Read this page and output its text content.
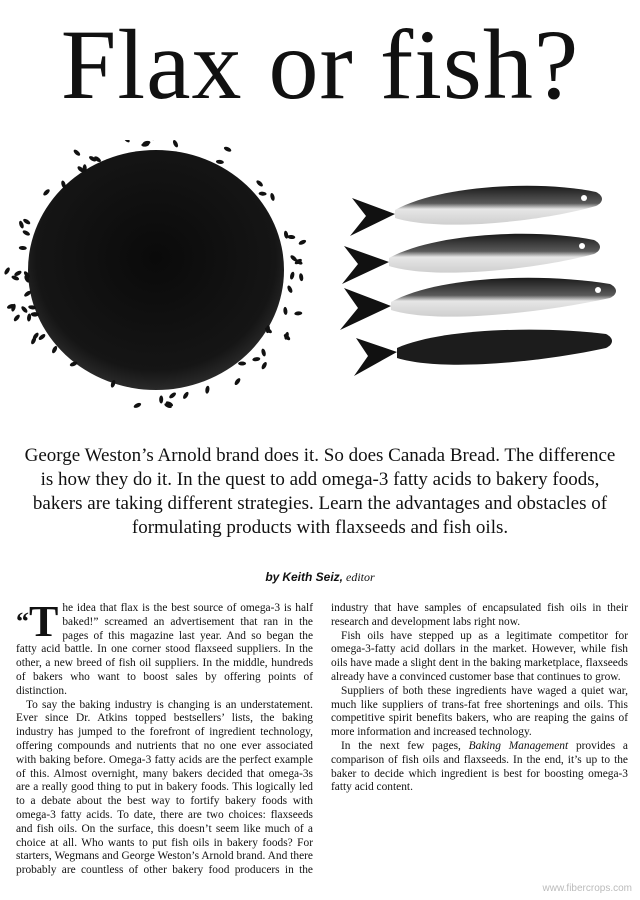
Flax or fish?

George Weston’s Arnold brand does it. So does Canada Bread. The difference is how they do it. In the quest to add omega-3 fatty acids to bakery foods, bakers are taking different strategies. Learn the advantages and obstacles of formulating products with flaxseeds and fish oils.

by Keith Seiz, editor

“T he idea that flax is the best source of omega-3 is half baked!” screamed an advertisement that ran in the pages of this magazine last year. And so began the fatty acid battle. In one corner stood flaxseed suppliers. In the other, a new breed of fish oil suppliers. In the middle, hundreds of bakers who want to boost sales by offering points of distinction.

To say the baking industry is changing is an understatement. Ever since Dr. Atkins topped bestsellers’ lists, the baking industry has jumped to the forefront of ingredient technology, offering compounds and nutrients that no one ever associated with baking before. Omega-3 fatty acids are the perfect example of this. Almost overnight, many bakers decided that omega-3s are a really good thing to put in bakery foods. This logically led to a debate about the best way to fortify bakery foods with omega-3 fatty acids. To date, there are two choices: flaxseeds and fish oils. On the surface, this doesn’t seem like much of a choice at all. Who wants to put fish oils in bakery foods? For starters, Wegmans and George Weston’s Arnold brand. And there probably are countless of other bakery food producers in the industry that have samples of encapsulated fish oils in their research and development labs right now.

Fish oils have stepped up as a legitimate competitor for omega-3-fatty acid dollars in the market. However, while fish oils have made a slight dent in the baking marketplace, flaxseeds already have a convinced customer base that continues to grow.

Suppliers of both these ingredients have waged a quiet war, much like suppliers of trans-fat free shortenings and oils. This competitive spirit benefits bakers, who are reaping the gains of more information and increased technology.

In the next few pages, Baking Management provides a comparison of fish oils and flaxseeds. In the end, it’s up to the baker to decide which ingredient is best for boosting omega-3 fatty acid content.

www.fibercrops.com
